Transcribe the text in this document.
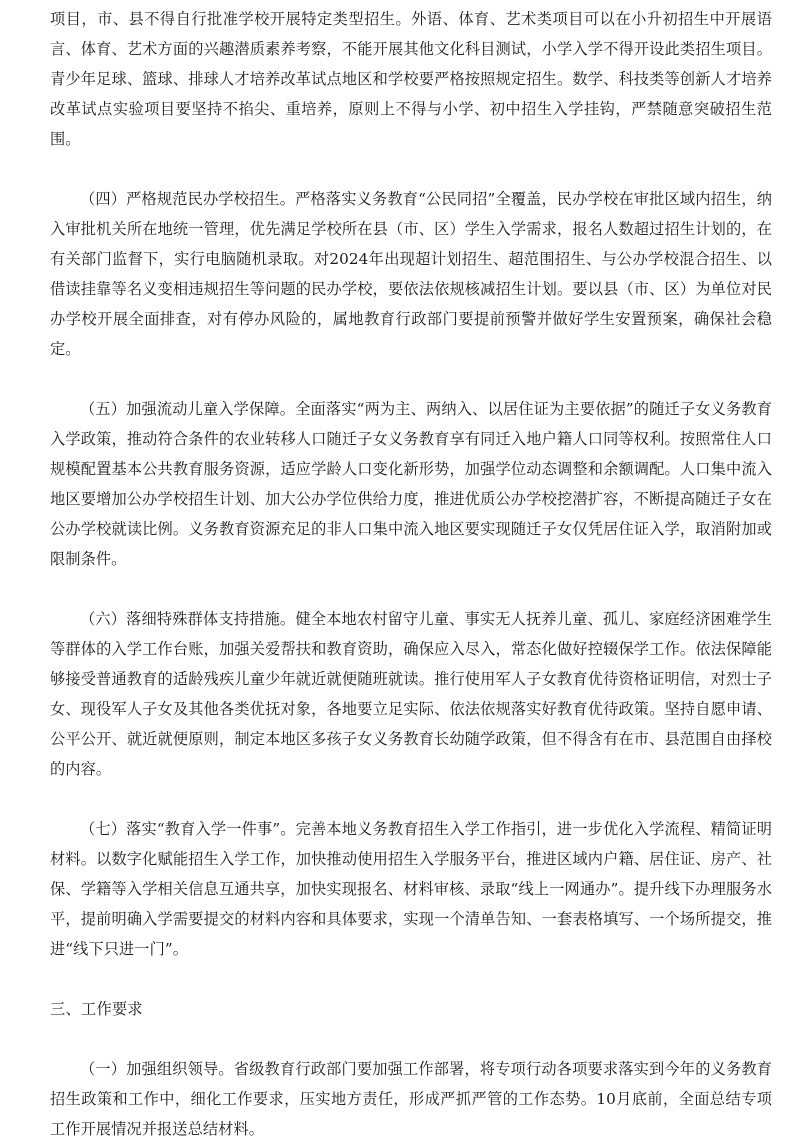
项目，市、县不得自行批准学校开展特定类型招生。外语、体育、艺术类项目可以在小升初招生中开展语言、体育、艺术方面的兴趣潜质素养考察，不能开展其他文化科目测试，小学入学不得开设此类招生项目。青少年足球、篮球、排球人才培养改革试点地区和学校要严格按照规定招生。数学、科技类等创新人才培养改革试点实验项目要坚持不掐尖、重培养，原则上不得与小学、初中招生入学挂钩，严禁随意突破招生范围。

（四）严格规范民办学校招生。严格落实义务教育“公民同招”全覆盖，民办学校在审批区域内招生，纳入审批机关所在地统一管理，优先满足学校所在县（市、区）学生入学需求，报名人数超过招生计划的，在有关部门监督下，实行电脑随机录取。对2024年出现超计划招生、超范围招生、与公办学校混合招生、以借读挂靠等名义变相违规招生等问题的民办学校，要依法依规核减招生计划。要以县（市、区）为单位对民办学校开展全面排查，对有停办风险的，属地教育行政部门要提前预警并做好学生安置预案，确保社会稳定。

（五）加强流动儿童入学保障。全面落实“两为主、两纳入、以居住证为主要依据”的随迁子女义务教育入学政策，推动符合条件的农业转移人口随迁子女义务教育享有同迁入地户籍人口同等权利。按照常住人口规模配置基本公共教育服务资源，适应学龄人口变化新形势，加强学位动态调整和余额调配。人口集中流入地区要增加公办学校招生计划、加大公办学位供给力度，推进优质公办学校挖潜扩容，不断提高随迁子女在公办学校就读比例。义务教育资源充足的非人口集中流入地区要实现随迁子女仅凭居住证入学，取消附加或限制条件。

（六）落细特殊群体支持措施。健全本地农村留守儿童、事实无人抚养儿童、孤儿、家庭经济困难学生等群体的入学工作台账，加强关爱帮扶和教育资助，确保应入尽入，常态化做好控辍保学工作。依法保障能够接受普通教育的适龄残疾儿童少年就近就便随班就读。推行使用军人子女教育优待资格证明信，对烈士子女、现役军人子女及其他各类优抚对象，各地要立足实际、依法依规落实好教育优待政策。坚持自愿申请、公平公开、就近就便原则，制定本地区多孩子女义务教育长幼随学政策，但不得含有在市、县范围自由择校的内容。

（七）落实“教育入学一件事”。完善本地义务教育招生入学工作指引，进一步优化入学流程、精简证明材料。以数字化赋能招生入学工作，加快推动使用招生入学服务平台，推进区域内户籍、居住证、房产、社保、学籍等入学相关信息互通共享，加快实现报名、材料审核、录取“线上一网通办”。提升线下办理服务水平，提前明确入学需要提交的材料内容和具体要求，实现一个清单告知、一套表格填写、一个场所提交，推进“线下只进一门”。

三、工作要求

（一）加强组织领导。省级教育行政部门要加强工作部署，将专项行动各项要求落实到今年的义务教育招生政策和工作中，细化工作要求，压实地方责任，形成严抓严管的工作态势。10月底前，全面总结专项工作开展情况并报送总结材料。
